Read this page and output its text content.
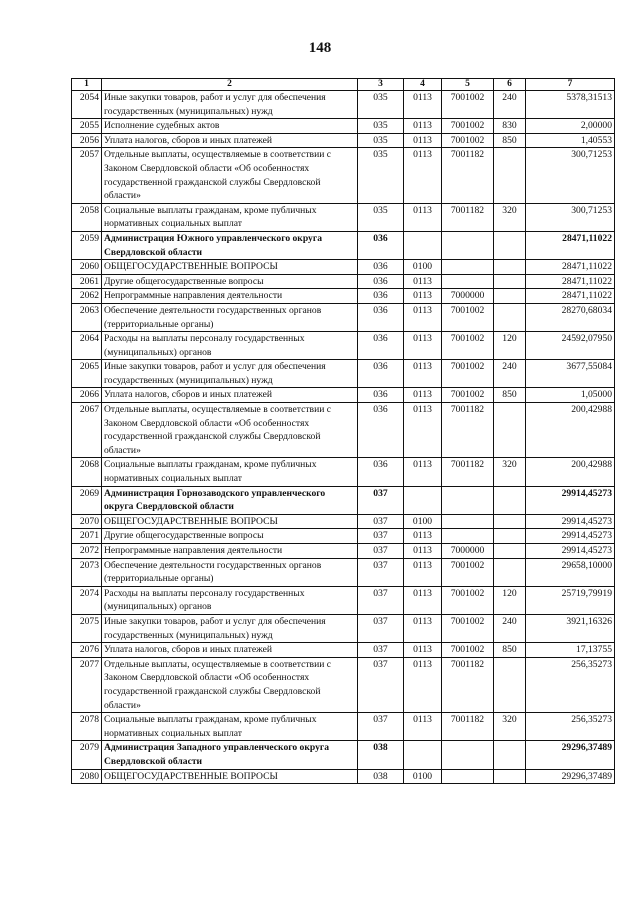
148
1	2	3	4	5	6	7
2054	Иные закупки товаров, работ и услуг для обеспечения государственных (муниципальных) нужд	035	0113	7001002	240	5378,31513
2055	Исполнение судебных актов	035	0113	7001002	830	2,00000
2056	Уплата налогов, сборов и иных платежей	035	0113	7001002	850	1,40553
2057	Отдельные выплаты, осуществляемые в соответствии с Законом Свердловской области «Об особенностях государственной гражданской службы Свердловской области»	035	0113	7001182		300,71253
2058	Социальные выплаты гражданам, кроме публичных нормативных социальных выплат	035	0113	7001182	320	300,71253
2059	Администрация Южного управленческого округа Свердловской области	036				28471,11022
2060	ОБЩЕГОСУДАРСТВЕННЫЕ ВОПРОСЫ	036	0100			28471,11022
2061	Другие общегосударственные вопросы	036	0113			28471,11022
2062	Непрограммные направления деятельности	036	0113	7000000		28471,11022
2063	Обеспечение деятельности государственных органов (территориальные органы)	036	0113	7001002		28270,68034
2064	Расходы на выплаты персоналу государственных (муниципальных) органов	036	0113	7001002	120	24592,07950
2065	Иные закупки товаров, работ и услуг для обеспечения государственных (муниципальных) нужд	036	0113	7001002	240	3677,55084
2066	Уплата налогов, сборов и иных платежей	036	0113	7001002	850	1,05000
2067	Отдельные выплаты, осуществляемые в соответствии с Законом Свердловской области «Об особенностях государственной гражданской службы Свердловской области»	036	0113	7001182		200,42988
2068	Социальные выплаты гражданам, кроме публичных нормативных социальных выплат	036	0113	7001182	320	200,42988
2069	Администрация Горнозаводского управленческого округа Свердловской области	037				29914,45273
2070	ОБЩЕГОСУДАРСТВЕННЫЕ ВОПРОСЫ	037	0100			29914,45273
2071	Другие общегосударственные вопросы	037	0113			29914,45273
2072	Непрограммные направления деятельности	037	0113	7000000		29914,45273
2073	Обеспечение деятельности государственных органов (территориальные органы)	037	0113	7001002		29658,10000
2074	Расходы на выплаты персоналу государственных (муниципальных) органов	037	0113	7001002	120	25719,79919
2075	Иные закупки товаров, работ и услуг для обеспечения государственных (муниципальных) нужд	037	0113	7001002	240	3921,16326
2076	Уплата налогов, сборов и иных платежей	037	0113	7001002	850	17,13755
2077	Отдельные выплаты, осуществляемые в соответствии с Законом Свердловской области «Об особенностях государственной гражданской службы Свердловской области»	037	0113	7001182		256,35273
2078	Социальные выплаты гражданам, кроме публичных нормативных социальных выплат	037	0113	7001182	320	256,35273
2079	Администрация Западного управленческого округа Свердловской области	038				29296,37489
2080	ОБЩЕГОСУДАРСТВЕННЫЕ ВОПРОСЫ	038	0100			29296,37489
